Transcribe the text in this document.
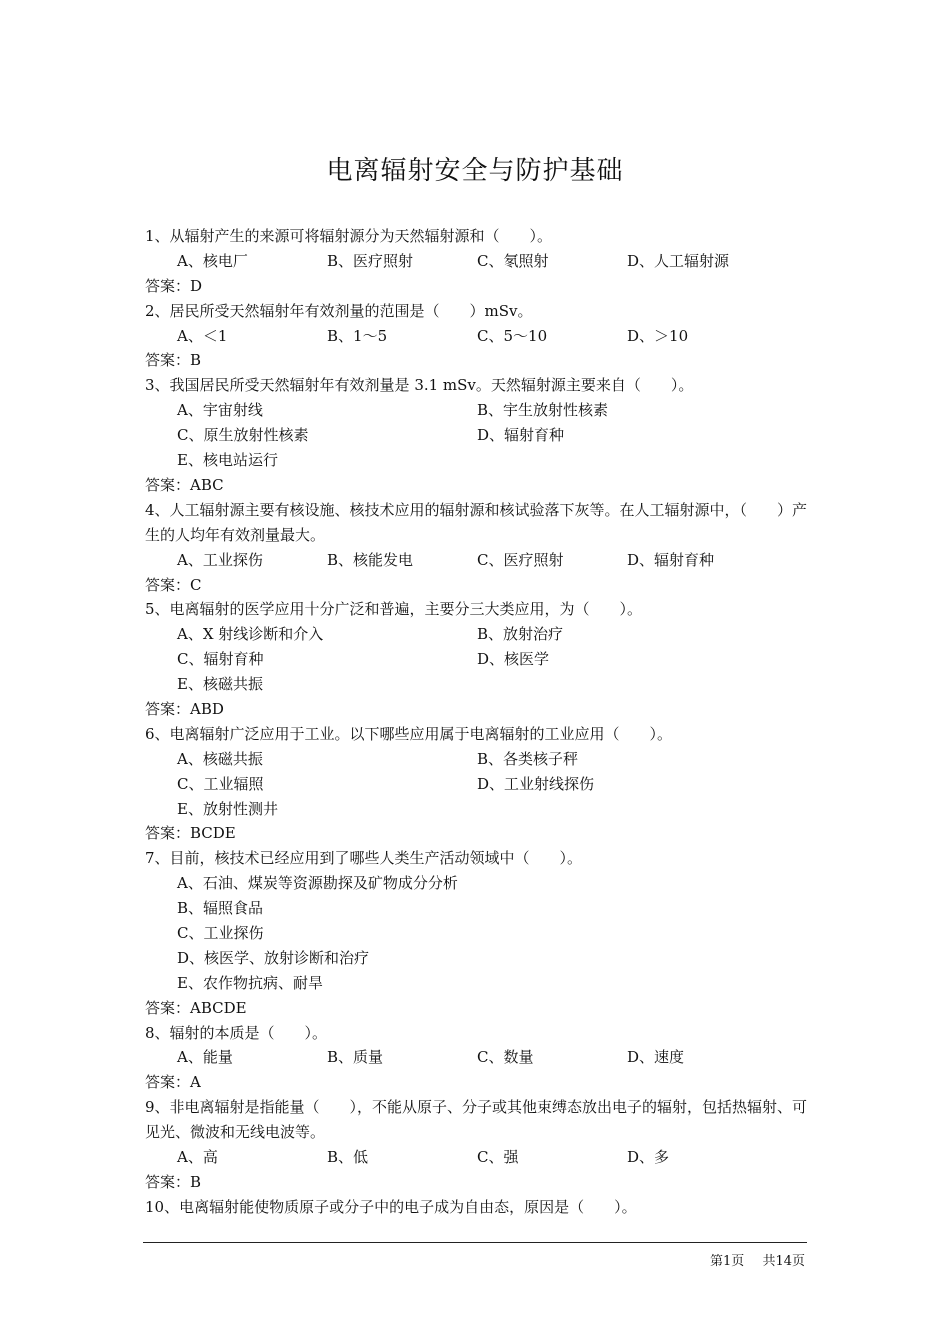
电离辐射安全与防护基础
1、从辐射产生的来源可将辐射源分为天然辐射源和（　　）。
A、核电厂	B、医疗照射	C、氡照射	D、人工辐射源
答案：D
2、居民所受天然辐射年有效剂量的范围是（　　）mSv。
A、＜1	B、1～5	C、5～10	D、＞10
答案：B
3、我国居民所受天然辐射年有效剂量是 3.1 mSv。天然辐射源主要来自（　　）。
A、宇宙射线	B、宇生放射性核素
C、原生放射性核素	D、辐射育种
E、核电站运行
答案：ABC
4、人工辐射源主要有核设施、核技术应用的辐射源和核试验落下灰等。在人工辐射源中，（　　）产生的人均年有效剂量最大。
A、工业探伤	B、核能发电	C、医疗照射	D、辐射育种
答案：C
5、电离辐射的医学应用十分广泛和普遍，主要分三大类应用，为（　　）。
A、X 射线诊断和介入	B、放射治疗
C、辐射育种	D、核医学
E、核磁共振
答案：ABD
6、电离辐射广泛应用于工业。以下哪些应用属于电离辐射的工业应用（　　）。
A、核磁共振	B、各类核子秤
C、工业辐照	D、工业射线探伤
E、放射性测井
答案：BCDE
7、目前，核技术已经应用到了哪些人类生产活动领域中（　　）。
A、石油、煤炭等资源勘探及矿物成分分析
B、辐照食品
C、工业探伤
D、核医学、放射诊断和治疗
E、农作物抗病、耐旱
答案：ABCDE
8、辐射的本质是（　　）。
A、能量	B、质量	C、数量	D、速度
答案：A
9、非电离辐射是指能量（　　），不能从原子、分子或其他束缚态放出电子的辐射，包括热辐射、可见光、微波和无线电波等。
A、高	B、低	C、强	D、多
答案：B
10、电离辐射能使物质原子或分子中的电子成为自由态，原因是（　　）。
第1页 共14页
